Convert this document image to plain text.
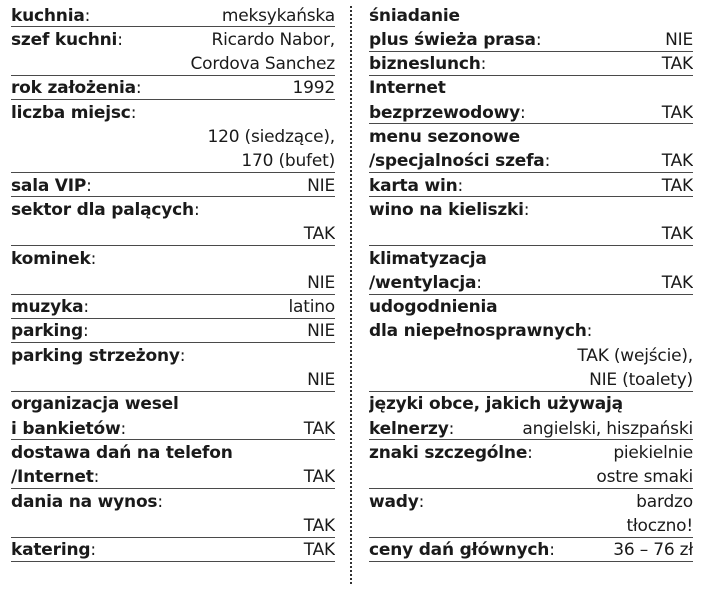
kuchnia:	meksykańska
szef kuchni:	Ricardo Nabor,
Cordova Sanchez
rok założenia:	1992
liczba miejsc:
120 (siedzące),
170 (bufet)
sala VIP:	NIE
sektor dla palących:
TAK
kominek:
NIE
muzyka:	latino
parking:	NIE
parking strzeżony:
NIE
organizacja wesel
i bankietów:	TAK
dostawa dań na telefon
/Internet:	TAK
dania na wynos:
TAK
katering:	TAK
śniadanie
plus świeża prasa:	NIE
bizneslunch:	TAK
Internet
bezprzewodowy:	TAK
menu sezonowe
/specjalności szefa:	TAK
karta win:	TAK
wino na kieliszki:
TAK
klimatyzacja
/wentylacja:	TAK
udogodnienia
dla niepełnosprawnych:
TAK (wejście),
NIE (toalety)
języki obce, jakich używają
kelnerzy:	angielski, hiszpański
znaki szczególne:	piekielnie
ostre smaki
wady:	bardzo
tłoczno!
ceny dań głównych:	36 – 76 zł
